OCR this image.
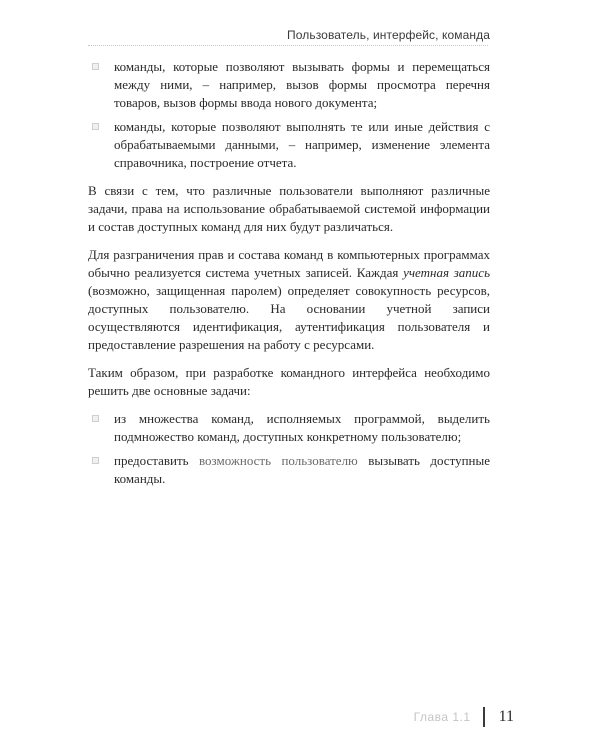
Пользователь, интерфейс, команда
команды, которые позволяют вызывать формы и перемещаться между ними, – например, вызов формы просмотра перечня товаров, вызов формы ввода нового документа;
команды, которые позволяют выполнять те или иные действия с обрабатываемыми данными, – например, изменение элемента справочника, построение отчета.

В связи с тем, что различные пользователи выполняют различные задачи, права на использование обрабатываемой системой информации и состав доступных команд для них будут различаться.

Для разграничения прав и состава команд в компьютерных программах обычно реализуется система учетных записей. Каждая учетная запись (возможно, защищенная паролем) определяет совокупность ресурсов, доступных пользователю. На основании учетной записи осуществляются идентификация, аутентификация пользователя и предоставление разрешения на работу с ресурсами.

Таким образом, при разработке командного интерфейса необходимо решить две основные задачи:

из множества команд, исполняемых программой, выделить подмножество команд, доступных конкретному пользователю;
предоставить возможность пользователю вызывать доступные команды.
Глава 1.1 11
